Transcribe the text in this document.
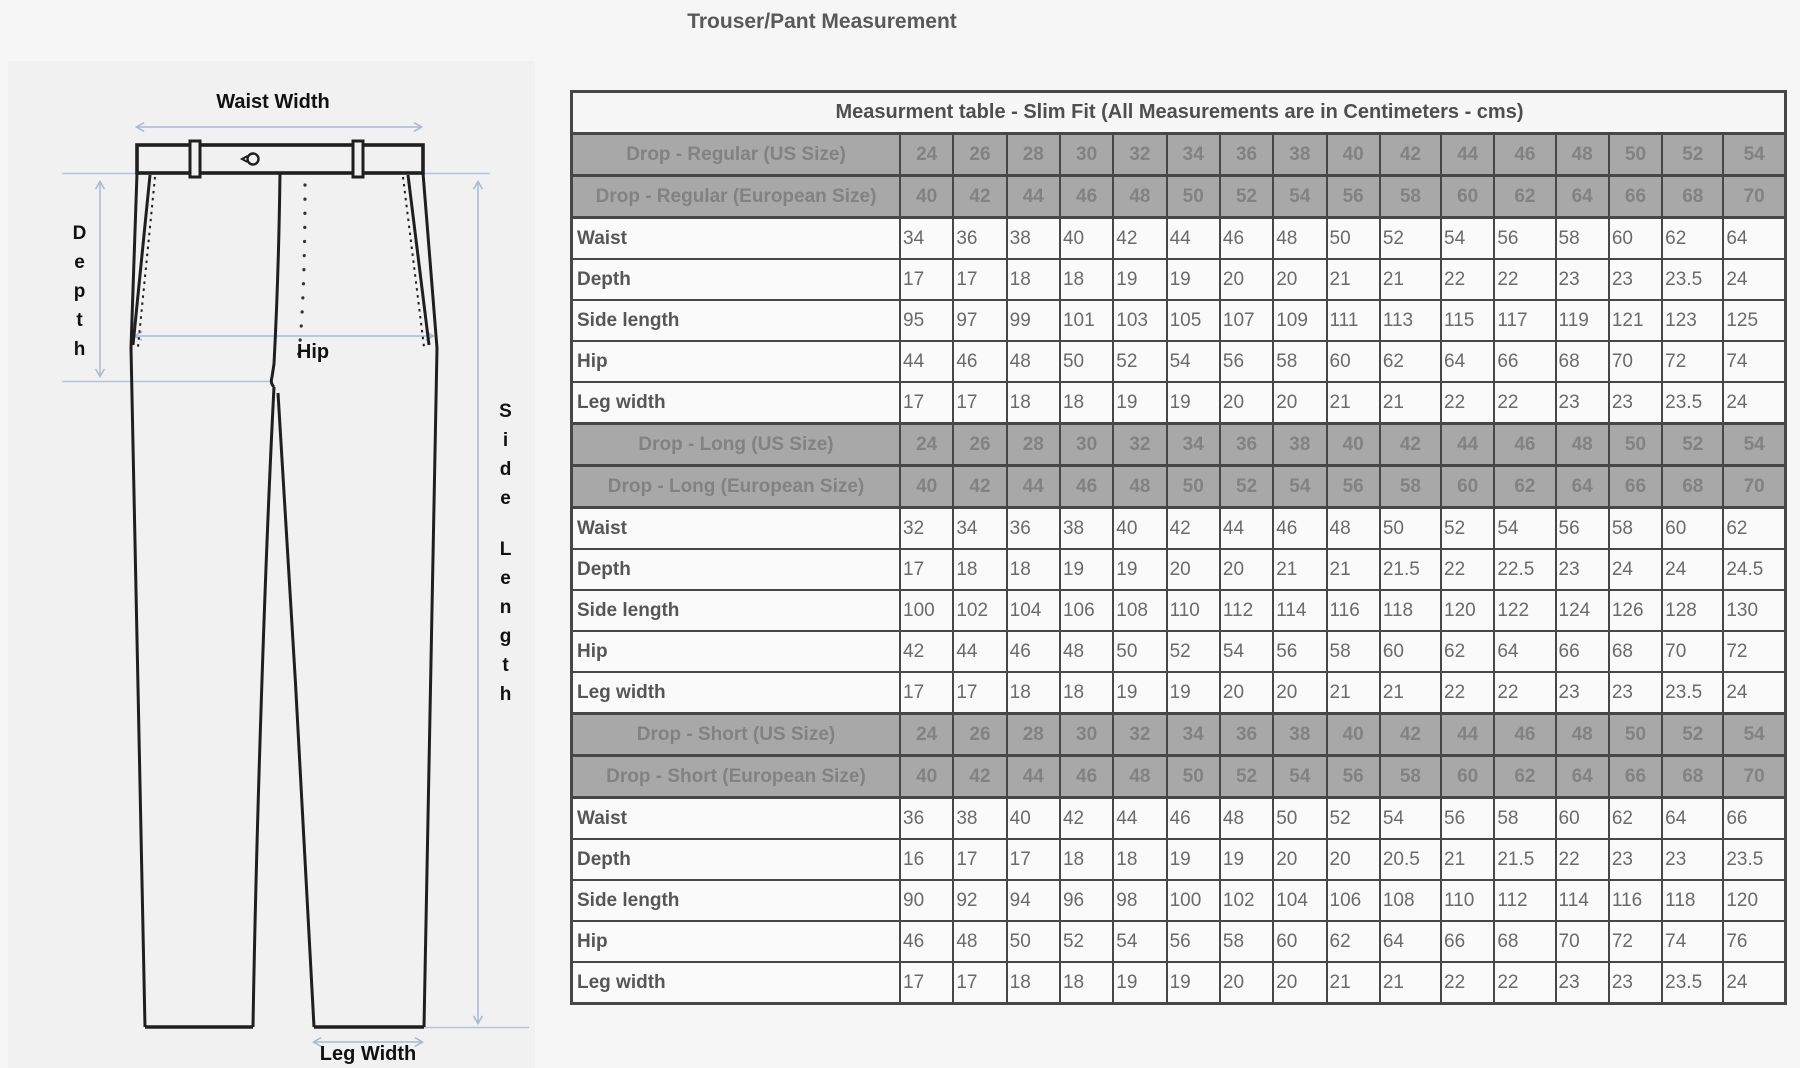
Trouser/Pant Measurement
Waist Width
Depth	Hip
Side
Length
Leg Width
Measurment table - Slim Fit (All Measurements are in Centimeters - cms)																
Drop - Regular (US Size)	24	26	28	30	32	34	36	38	40	42	44	46	48	50	52	54
Drop - Regular (European Size)	40	42	44	46	48	50	52	54	56	58	60	62	64	66	68	70
Waist	34	36	38	40	42	44	46	48	50	52	54	56	58	60	62	64
Depth	17	17	18	18	19	19	20	20	21	21	22	22	23	23	23.5	24
Side length	95	97	99	101	103	105	107	109	111	113	115	117	119	121	123	125
Hip	44	46	48	50	52	54	56	58	60	62	64	66	68	70	72	74
Leg width	17	17	18	18	19	19	20	20	21	21	22	22	23	23	23.5	24
Drop - Long (US Size)	24	26	28	30	32	34	36	38	40	42	44	46	48	50	52	54
Drop - Long (European Size)	40	42	44	46	48	50	52	54	56	58	60	62	64	66	68	70
Waist	32	34	36	38	40	42	44	46	48	50	52	54	56	58	60	62
Depth	17	18	18	19	19	20	20	21	21	21.5	22	22.5	23	24	24	24.5
Side length	100	102	104	106	108	110	112	114	116	118	120	122	124	126	128	130
Hip	42	44	46	48	50	52	54	56	58	60	62	64	66	68	70	72
Leg width	17	17	18	18	19	19	20	20	21	21	22	22	23	23	23.5	24
Drop - Short (US Size)	24	26	28	30	32	34	36	38	40	42	44	46	48	50	52	54
Drop - Short (European Size)	40	42	44	46	48	50	52	54	56	58	60	62	64	66	68	70
Waist	36	38	40	42	44	46	48	50	52	54	56	58	60	62	64	66
Depth	16	17	17	18	18	19	19	20	20	20.5	21	21.5	22	23	23	23.5
Side length	90	92	94	96	98	100	102	104	106	108	110	112	114	116	118	120
Hip	46	48	50	52	54	56	58	60	62	64	66	68	70	72	74	76
Leg width	17	17	18	18	19	19	20	20	21	21	22	22	23	23	23.5	24
